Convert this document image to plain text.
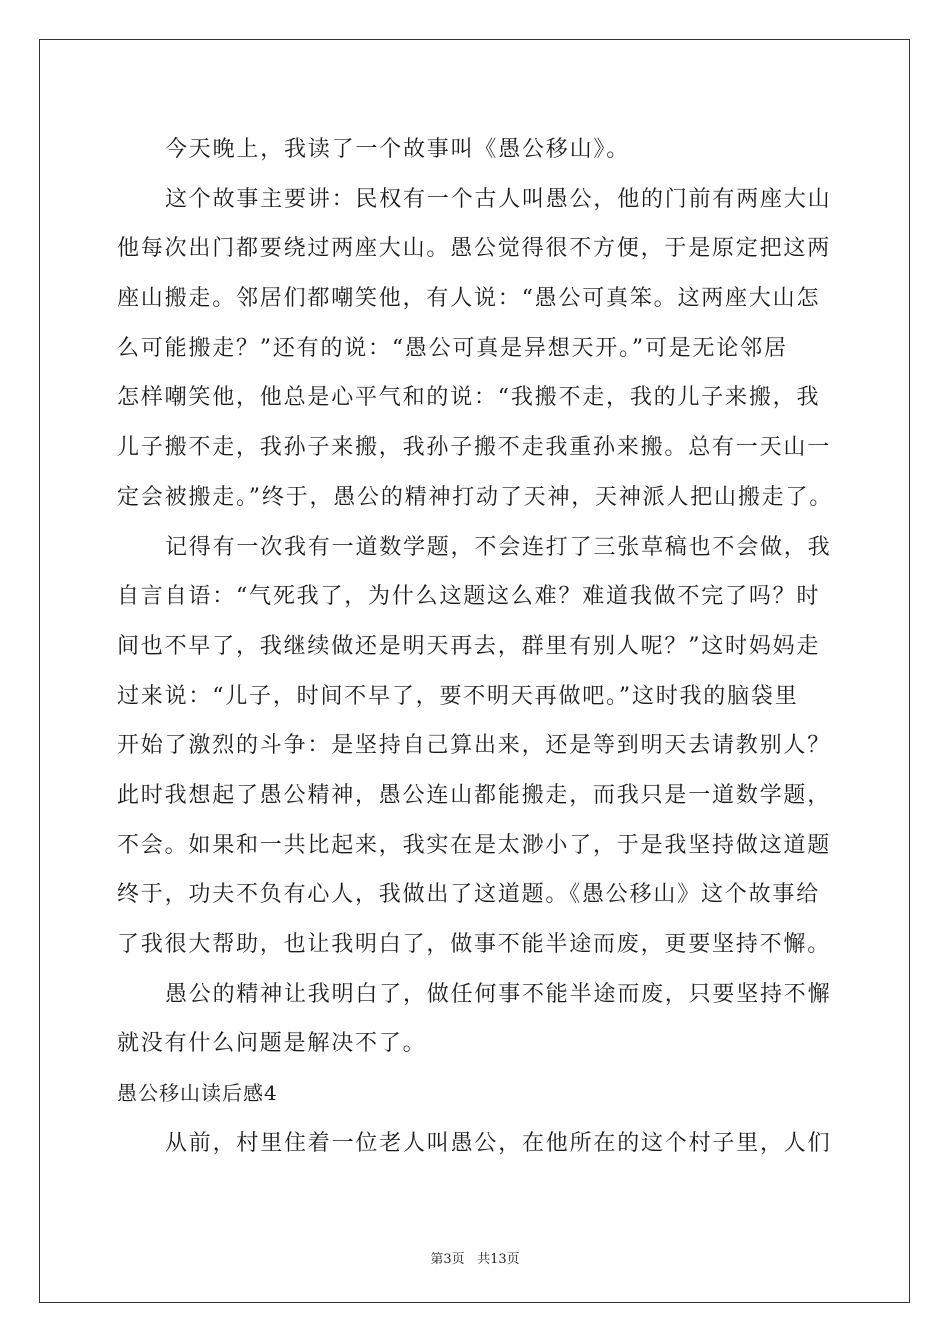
今天晚上，我读了一个故事叫《愚公移山》。
这个故事主要讲：民权有一个古人叫愚公，他的门前有两座大山
他每次出门都要绕过两座大山。愚公觉得很不方便，于是原定把这两
座山搬走。邻居们都嘲笑他，有人说：“愚公可真笨。这两座大山怎
么可能搬走？”还有的说：“愚公可真是异想天开。”可是无论邻居
怎样嘲笑他，他总是心平气和的说：“我搬不走，我的儿子来搬，我
儿子搬不走，我孙子来搬，我孙子搬不走我重孙来搬。总有一天山一
定会被搬走。”终于，愚公的精神打动了天神，天神派人把山搬走了。
记得有一次我有一道数学题，不会连打了三张草稿也不会做，我
自言自语：“气死我了，为什么这题这么难？难道我做不完了吗？时
间也不早了，我继续做还是明天再去，群里有别人呢？”这时妈妈走
过来说：“儿子，时间不早了，要不明天再做吧。”这时我的脑袋里
开始了激烈的斗争：是坚持自己算出来，还是等到明天去请教别人？
此时我想起了愚公精神，愚公连山都能搬走，而我只是一道数学题，
不会。如果和一共比起来，我实在是太渺小了，于是我坚持做这道题
终于，功夫不负有心人，我做出了这道题。《愚公移山》这个故事给
了我很大帮助，也让我明白了，做事不能半途而废，更要坚持不懈。
愚公的精神让我明白了，做任何事不能半途而废，只要坚持不懈
就没有什么问题是解决不了。
愚公移山读后感4
从前，村里住着一位老人叫愚公，在他所在的这个村子里，人们
第3页 共13页
